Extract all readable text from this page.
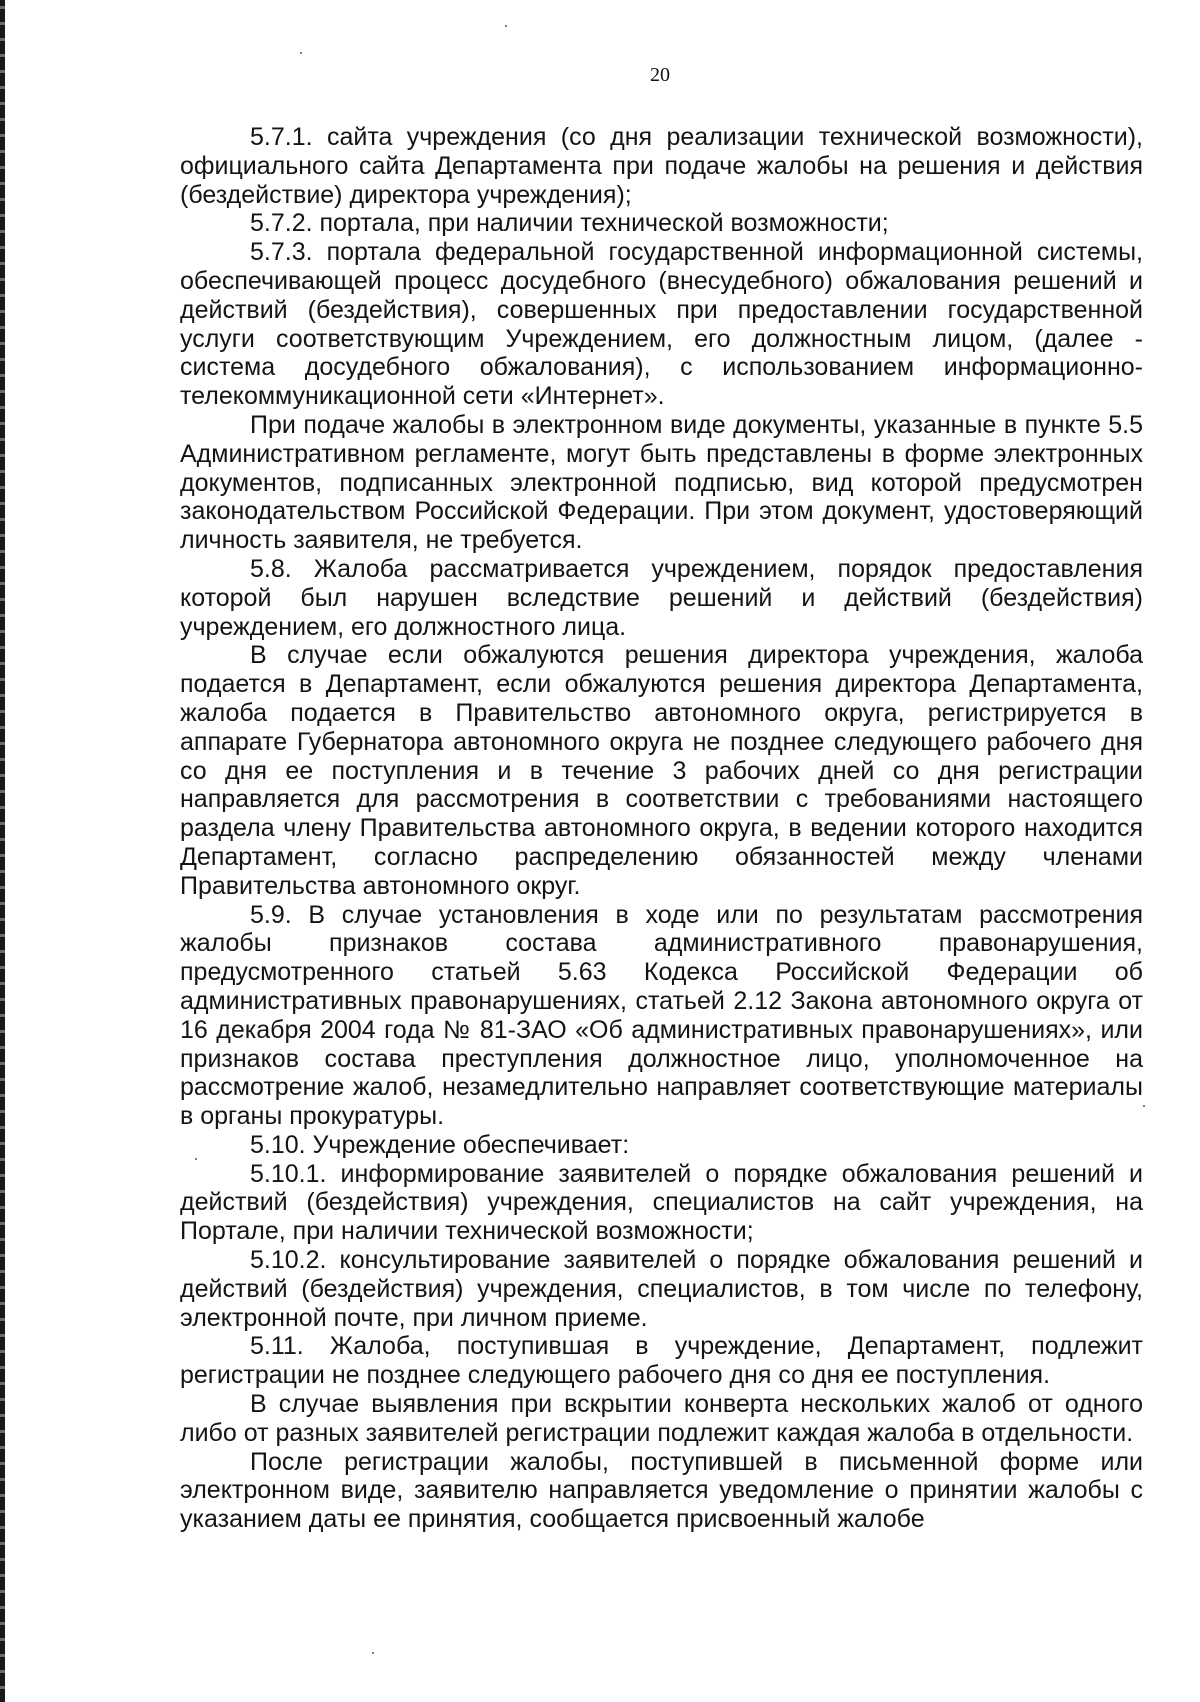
20

5.7.1. сайта учреждения (со дня реализации технической возможности), официального сайта Департамента при подаче жалобы на решения и действия (бездействие) директора учреждения);

5.7.2. портала, при наличии технической возможности;

5.7.3. портала федеральной государственной информационной системы, обеспечивающей процесс досудебного (внесудебного) обжалования решений и действий (бездействия), совершенных при предоставлении государственной услуги соответствующим Учреждением, его должностным лицом, (далее - система досудебного обжалования), с использованием информационно-телекоммуникационной сети «Интернет».

При подаче жалобы в электронном виде документы, указанные в пункте 5.5 Административном регламенте, могут быть представлены в форме электронных документов, подписанных электронной подписью, вид которой предусмотрен законодательством Российской Федерации. При этом документ, удостоверяющий личность заявителя, не требуется.

5.8. Жалоба рассматривается учреждением, порядок предоставления которой был нарушен вследствие решений и действий (бездействия) учреждением, его должностного лица.

В случае если обжалуются решения директора учреждения, жалоба подается в Департамент, если обжалуются решения директора Департамента, жалоба подается в Правительство автономного округа, регистрируется в аппарате Губернатора автономного округа не позднее следующего рабочего дня со дня ее поступления и в течение 3 рабочих дней со дня регистрации направляется для рассмотрения в соответствии с требованиями настоящего раздела члену Правительства автономного округа, в ведении которого находится Департамент, согласно распределению обязанностей между членами Правительства автономного округ.

5.9. В случае установления в ходе или по результатам рассмотрения жалобы признаков состава административного правонарушения, предусмотренного статьей 5.63 Кодекса Российской Федерации об административных правонарушениях, статьей 2.12 Закона автономного округа от 16 декабря 2004 года № 81-ЗАО «Об административных правонарушениях», или признаков состава преступления должностное лицо, уполномоченное на рассмотрение жалоб, незамедлительно направляет соответствующие материалы в органы прокуратуры.

5.10. Учреждение обеспечивает:

5.10.1. информирование заявителей о порядке обжалования решений и действий (бездействия) учреждения, специалистов на сайт учреждения, на Портале, при наличии технической возможности;

5.10.2. консультирование заявителей о порядке обжалования решений и действий (бездействия) учреждения, специалистов, в том числе по телефону, электронной почте, при личном приеме.

5.11. Жалоба, поступившая в учреждение, Департамент, подлежит регистрации не позднее следующего рабочего дня со дня ее поступления.

В случае выявления при вскрытии конверта нескольких жалоб от одного либо от разных заявителей регистрации подлежит каждая жалоба в отдельности.

После регистрации жалобы, поступившей в письменной форме или электронном виде, заявителю направляется уведомление о принятии жалобы с указанием даты ее принятия, сообщается присвоенный жалобе
